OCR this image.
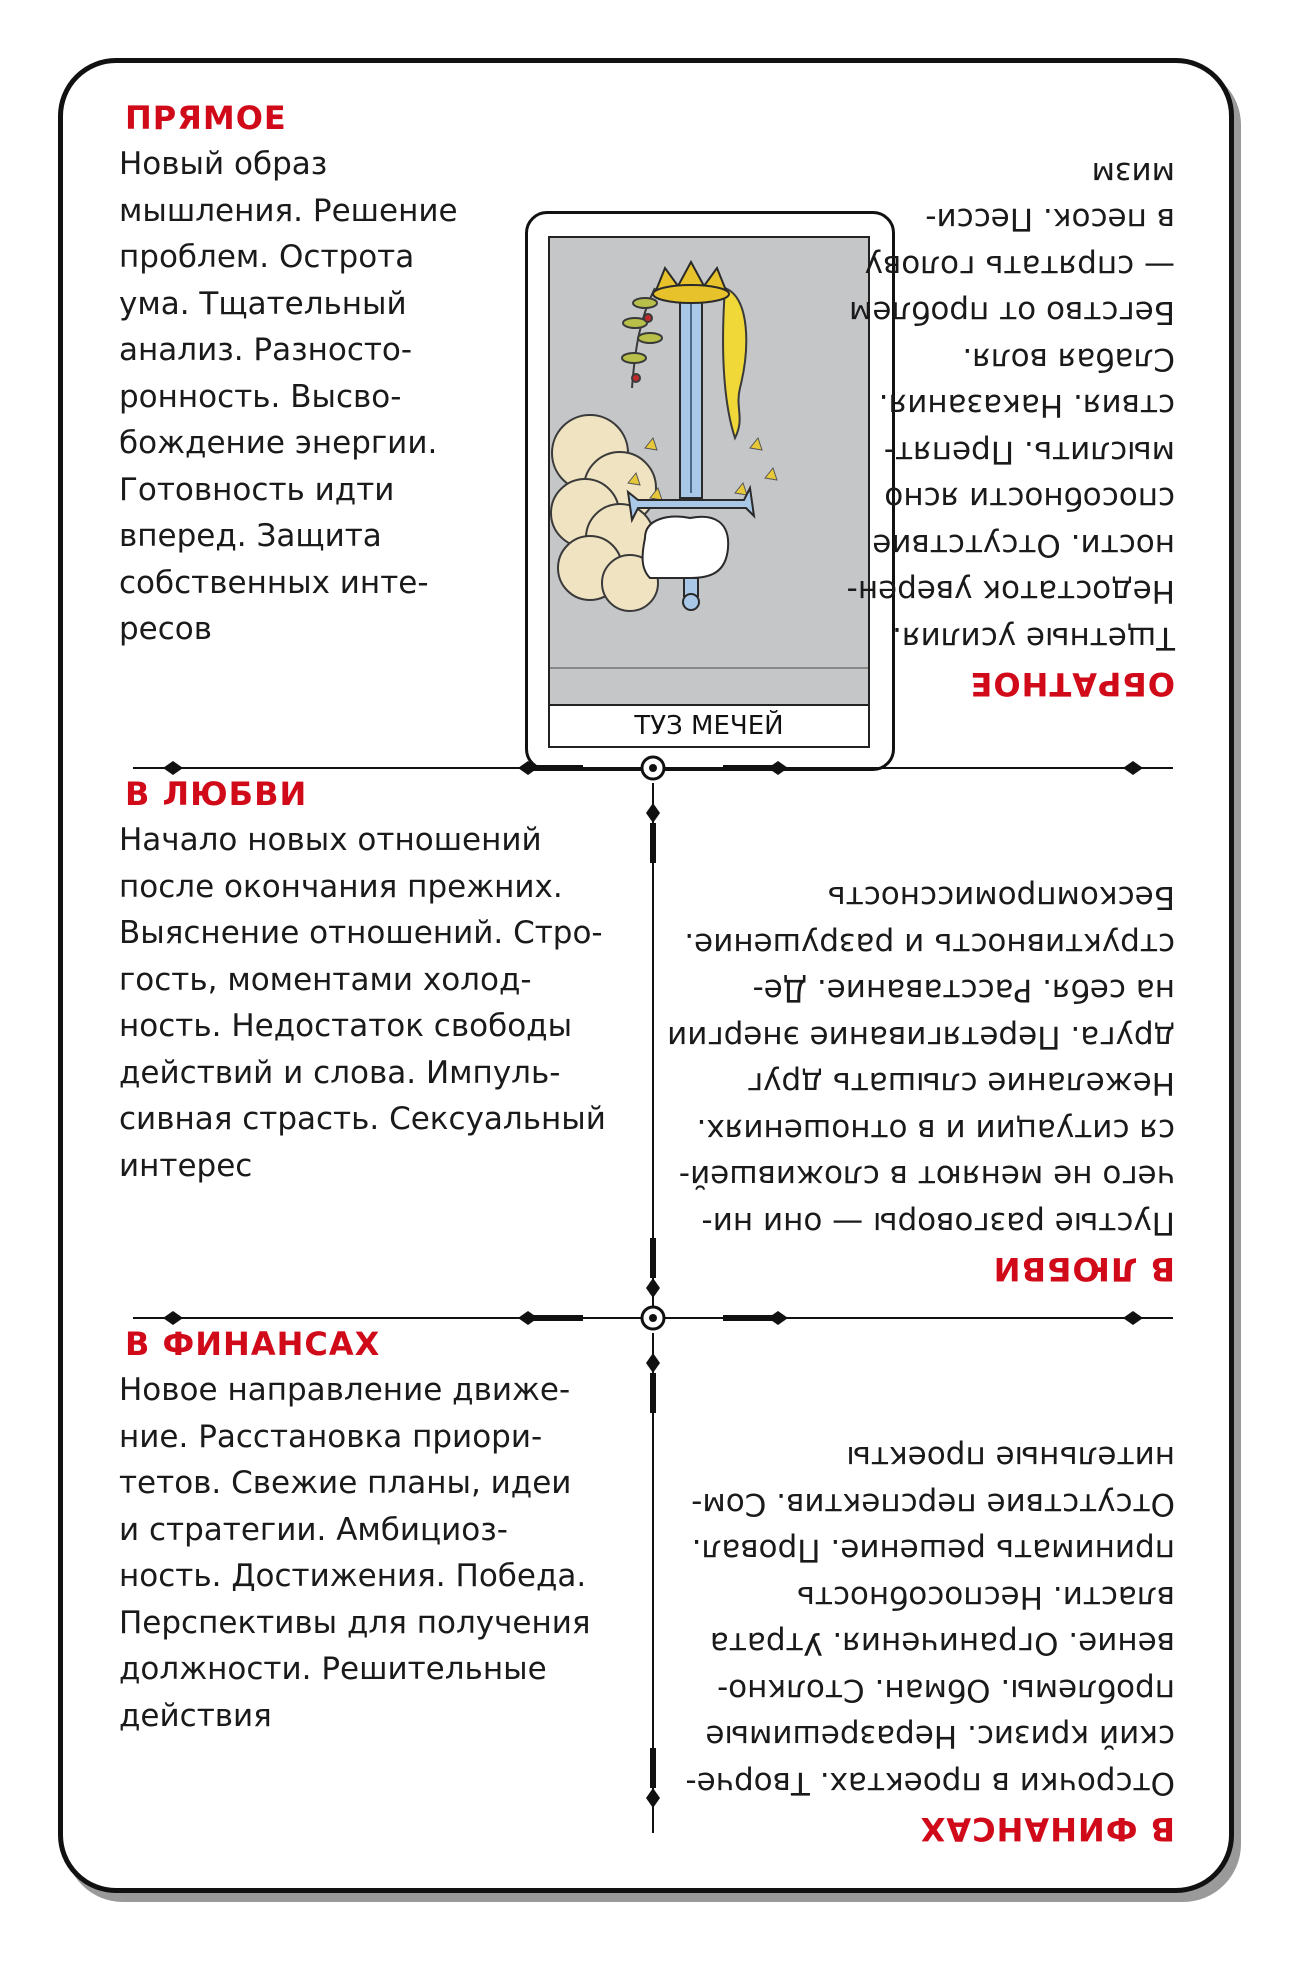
ПРЯМОЕ
Новый образ
мышления. Решение
проблем. Острота
ума. Тщательный
анализ. Разносто-
ронность. Высво-
бождение энергии.
Готовность идти
вперед. Защита
собственных инте-
ресов
ТУЗ МЕЧЕЙ
ОБРАТНОЕ
Тщетные усилия.
Недостаток уверен-
ности. Отсутствие
способности ясно
мыслить. Препят-
ствия. Наказания.
Слабая воля.
Бегство от проблем
— спрятать голову
в песок. Песси-
мизм
В ЛЮБВИ
Начало новых отношений
после окончания прежних.
Выяснение отношений. Стро-
гость, моментами холод-
ность. Недостаток свободы
действий и слова. Импуль-
сивная страсть. Сексуальный
интерес
В ЛЮБВИ
Пустые разговоры — они ни-
чего не меняют в сложившей-
ся ситуации и в отношениях.
Нежелание слышать друг
друга. Перетягивание энергии
на себя. Расставание. Де-
структивность и разрушение.
Бескомпромиссность
В ФИНАНСАХ
Новое направление движе-
ние. Расстановка приори-
тетов. Свежие планы, идеи
и стратегии. Амбициоз-
ность. Достижения. Победа.
Перспективы для получения
должности. Решительные
действия
В ФИНАНСАХ
Отсрочки в проектах. Творче-
ский кризис. Неразрешимые
проблемы. Обман. Столкно-
вение. Ограничения. Утрата
власти. Неспособность
принимать решение. Провал.
Отсутствие перспектив. Сом-
нительные проекты
